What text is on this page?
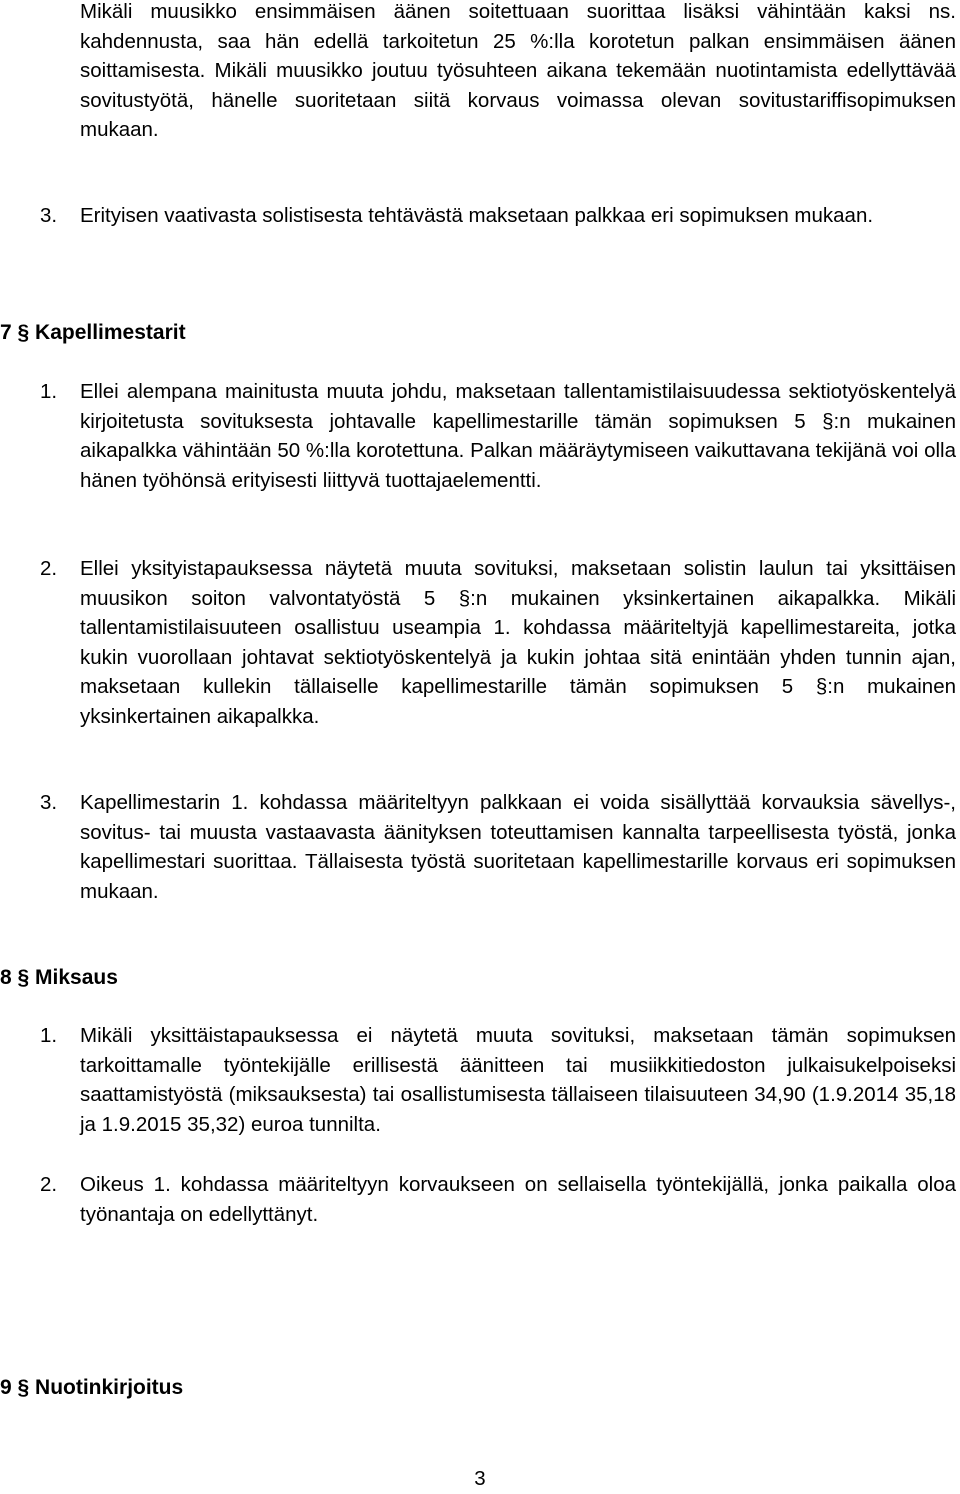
Mikäli muusikko ensimmäisen äänen soitettuaan suorittaa lisäksi vähintään kaksi ns. kahdennusta, saa hän edellä tarkoitetun 25 %:lla korotetun palkan ensimmäisen äänen soittamisesta. Mikäli muusikko joutuu työsuhteen aikana tekemään nuotintamista edellyttävää sovitustyötä, hänelle suoritetaan siitä korvaus voimassa olevan sovitustariffisopimuksen mukaan.

3. Erityisen vaativasta solistisesta tehtävästä maksetaan palkkaa eri sopimuksen mukaan.
7 § Kapellimestarit
1. Ellei alempana mainitusta muuta johdu, maksetaan tallentamistilaisuudessa sektiotyöskentelyä kirjoitetusta sovituksesta johtavalle kapellimestarille tämän sopimuksen 5 §:n mukainen aikapalkka vähintään 50 %:lla korotettuna. Palkan määräytymiseen vaikuttavana tekijänä voi olla hänen työhönsä erityisesti liittyvä tuottajaelementti.
2. Ellei yksityistapauksessa näytetä muuta sovituksi, maksetaan solistin laulun tai yksittäisen muusikon soiton valvontatyöstä 5 §:n mukainen yksinkertainen aikapalkka. Mikäli tallentamistilaisuuteen osallistuu useampia 1. kohdassa määriteltyjä kapellimestareita, jotka kukin vuorollaan johtavat sektiotyöskentelyä ja kukin johtaa sitä enintään yhden tunnin ajan, maksetaan kullekin tällaiselle kapellimestarille tämän sopimuksen 5 §:n mukainen yksinkertainen aikapalkka.
3. Kapellimestarin 1. kohdassa määriteltyyn palkkaan ei voida sisällyttää korvauksia sävellys-, sovitus- tai muusta vastaavasta äänityksen toteuttamisen kannalta tarpeellisesta työstä, jonka kapellimestari suorittaa. Tällaisesta työstä suoritetaan kapellimestarille korvaus eri sopimuksen mukaan.
8 § Miksaus
1. Mikäli yksittäistapauksessa ei näytetä muuta sovituksi, maksetaan tämän sopimuksen tarkoittamalle työntekijälle erillisestä äänitteen tai musiikkitiedoston julkaisukelpoiseksi saattamistyöstä (miksauksesta) tai osallistumisesta tällaiseen tilaisuuteen 34,90 (1.9.2014 35,18 ja 1.9.2015 35,32) euroa tunnilta.
2. Oikeus 1. kohdassa määriteltyyn korvaukseen on sellaisella työntekijällä, jonka paikalla oloa työnantaja on edellyttänyt.
9 § Nuotinkirjoitus
3
